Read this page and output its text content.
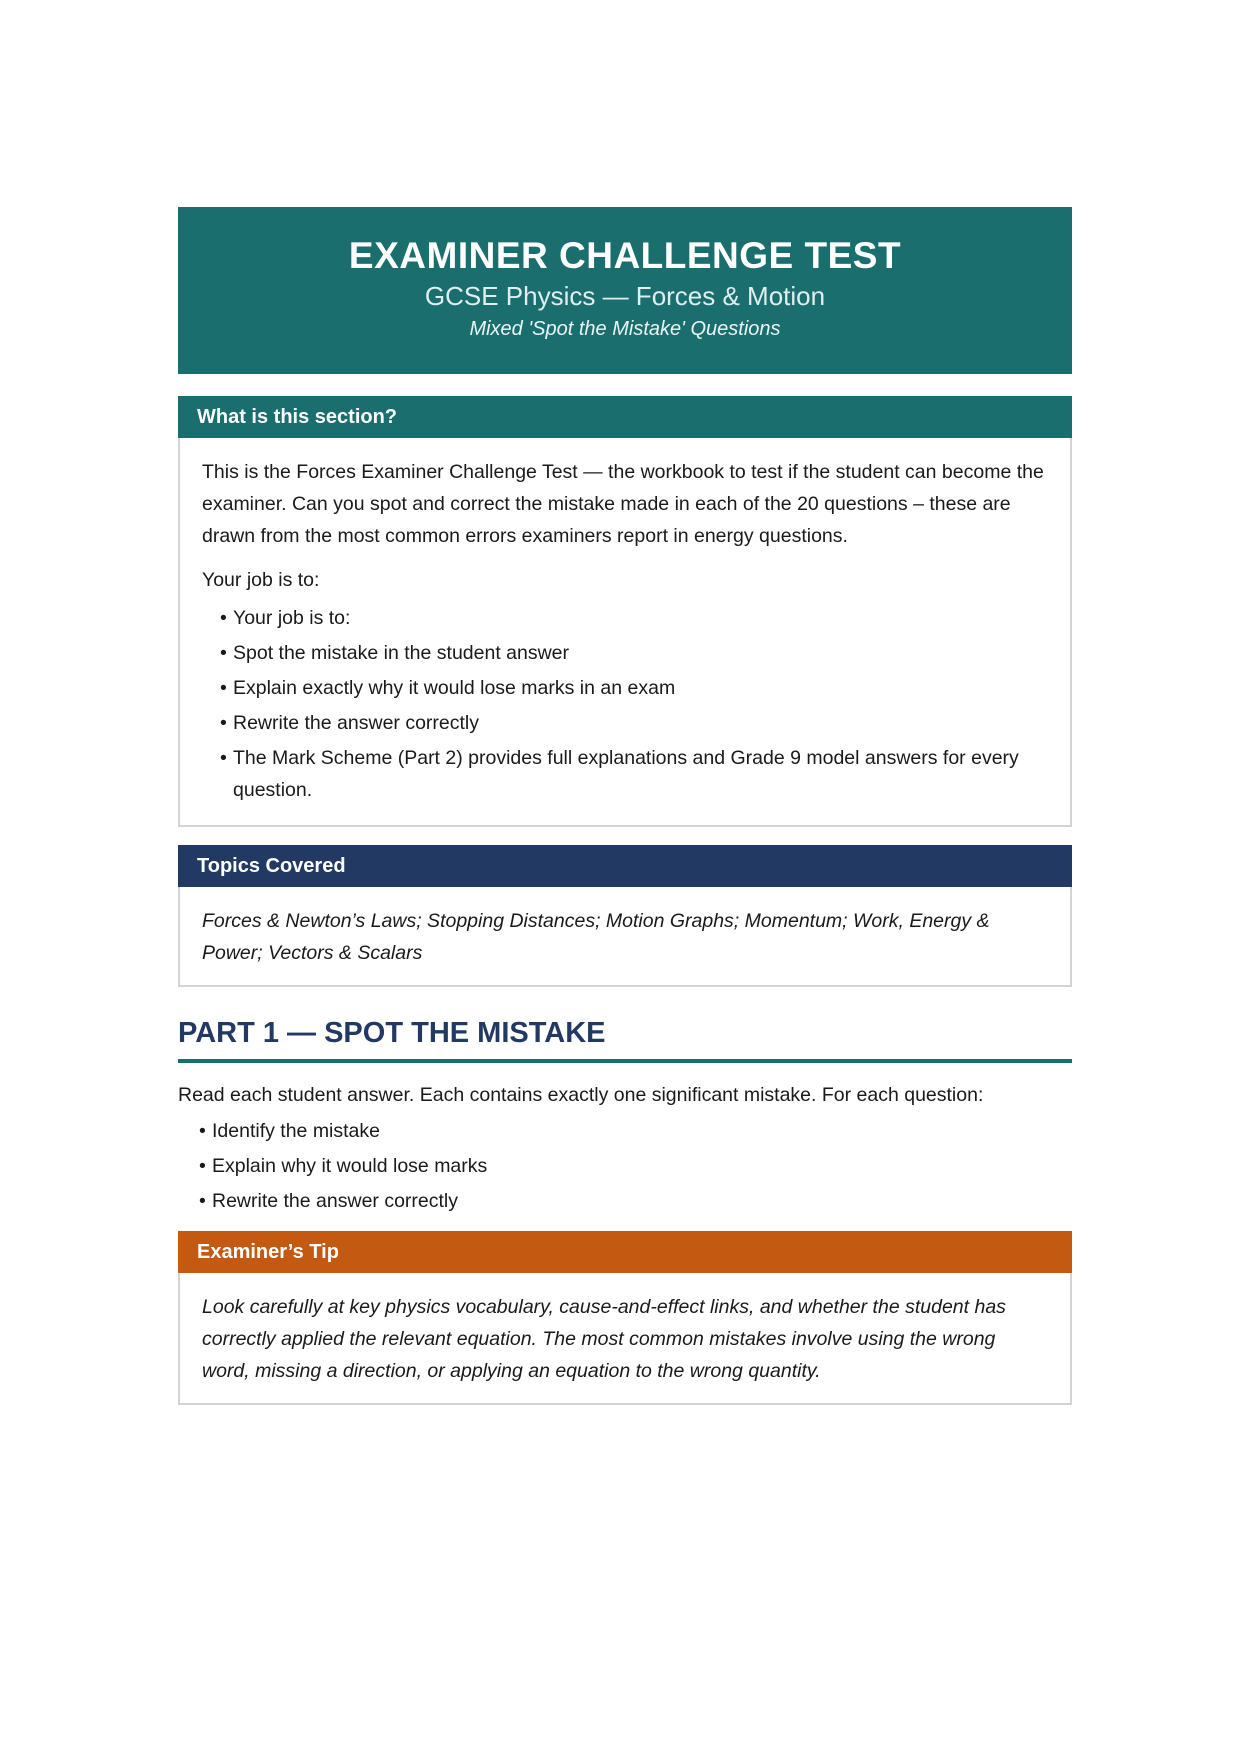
EXAMINER CHALLENGE TEST
GCSE Physics — Forces & Motion
Mixed 'Spot the Mistake' Questions
What is this section?

This is the Forces Examiner Challenge Test — the workbook to test if the student can become the examiner. Can you spot and correct the mistake made in each of the 20 questions – these are drawn from the most common errors examiners report in energy questions.

Your job is to:

• Your job is to:
• Spot the mistake in the student answer
• Explain exactly why it would lose marks in an exam
• Rewrite the answer correctly
• The Mark Scheme (Part 2) provides full explanations and Grade 9 model answers for every question.
Topics Covered

Forces & Newton’s Laws; Stopping Distances; Motion Graphs; Momentum; Work, Energy & Power; Vectors & Scalars

PART 1 — SPOT THE MISTAKE
Read each student answer. Each contains exactly one significant mistake. For each question:
• Identify the mistake
• Explain why it would lose marks
• Rewrite the answer correctly
Examiner’s Tip

Look carefully at key physics vocabulary, cause-and-effect links, and whether the student has correctly applied the relevant equation. The most common mistakes involve using the wrong word, missing a direction, or applying an equation to the wrong quantity.
